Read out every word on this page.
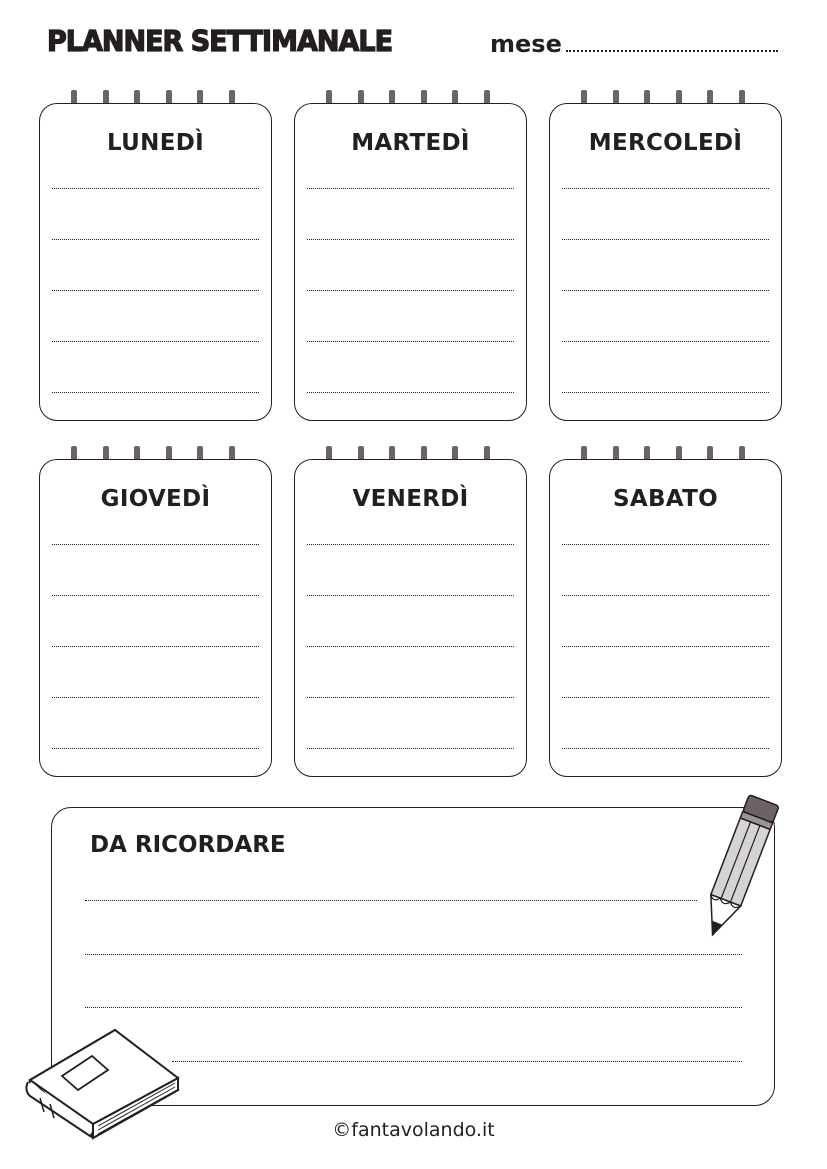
PLANNER SETTIMANALE	mese
LUNEDÌ	MARTEDÌ	MERCOLEDÌ
GIOVEDÌ	VENERDÌ	SABATO
DA RICORDARE
©fantavolando.it
